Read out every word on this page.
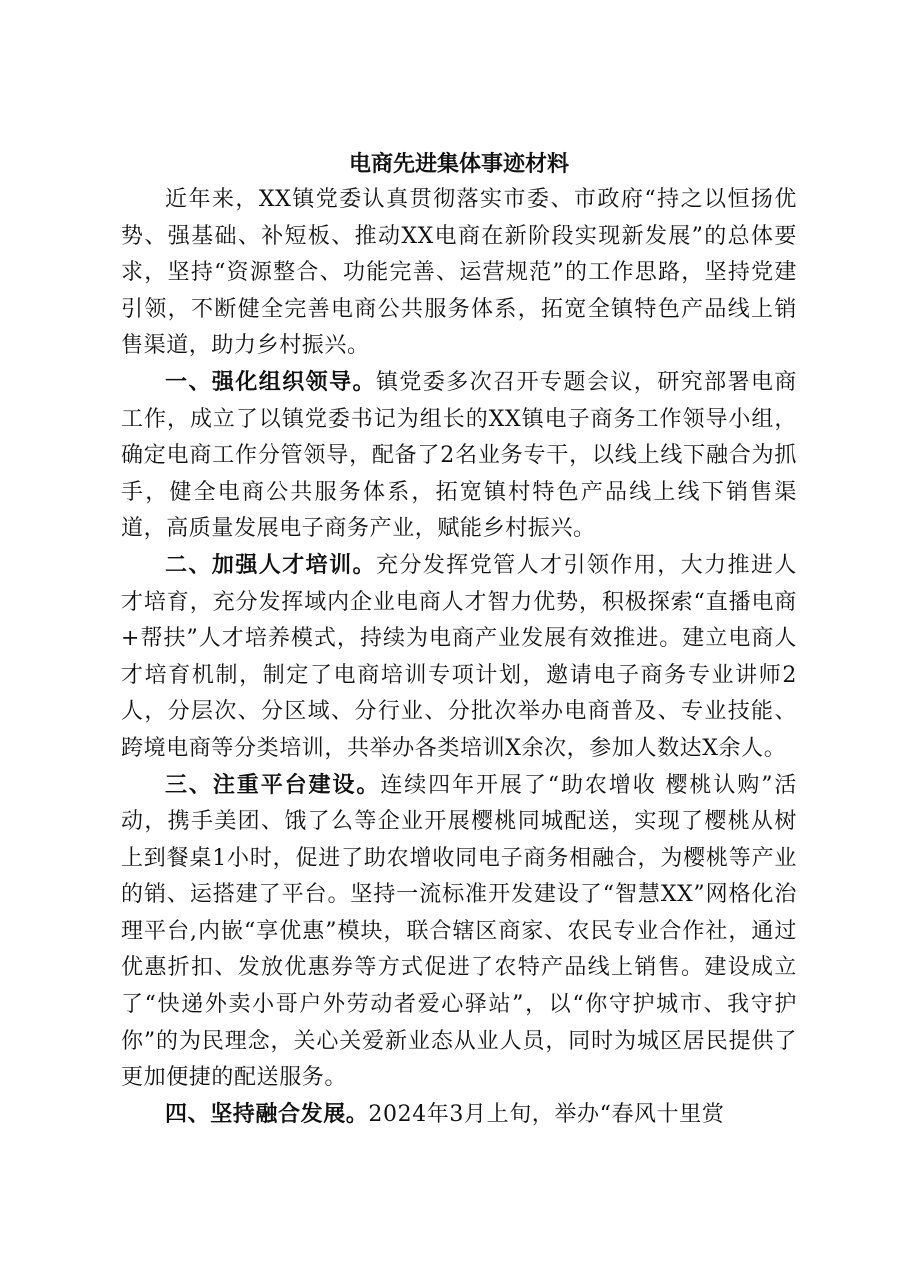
电商先进集体事迹材料

近年来，XX镇党委认真贯彻落实市委、市政府“持之以恒扬优势、强基础、补短板、推动XX电商在新阶段实现新发展”的总体要求，坚持“资源整合、功能完善、运营规范”的工作思路，坚持党建引领，不断健全完善电商公共服务体系，拓宽全镇特色产品线上销售渠道，助力乡村振兴。

一、强化组织领导。镇党委多次召开专题会议，研究部署电商工作，成立了以镇党委书记为组长的XX镇电子商务工作领导小组，确定电商工作分管领导，配备了2名业务专干，以线上线下融合为抓手，健全电商公共服务体系，拓宽镇村特色产品线上线下销售渠道，高质量发展电子商务产业，赋能乡村振兴。

二、加强人才培训。充分发挥党管人才引领作用，大力推进人才培育，充分发挥域内企业电商人才智力优势，积极探索“直播电商+帮扶”人才培养模式，持续为电商产业发展有效推进。建立电商人才培育机制，制定了电商培训专项计划，邀请电子商务专业讲师2人，分层次、分区域、分行业、分批次举办电商普及、专业技能、跨境电商等分类培训，共举办各类培训X余次，参加人数达X余人。

三、注重平台建设。连续四年开展了“助农增收 樱桃认购”活动，携手美团、饿了么等企业开展樱桃同城配送，实现了樱桃从树上到餐桌1小时，促进了助农增收同电子商务相融合，为樱桃等产业的销、运搭建了平台。坚持一流标准开发建设了“智慧XX”网格化治理平台,内嵌“享优惠”模块，联合辖区商家、农民专业合作社，通过优惠折扣、发放优惠券等方式促进了农特产品线上销售。建设成立了“快递外卖小哥户外劳动者爱心驿站”，以“你守护城市、我守护你”的为民理念，关心关爱新业态从业人员，同时为城区居民提供了更加便捷的配送服务。

四、坚持融合发展。2024年3月上旬，举办“春风十里赏
